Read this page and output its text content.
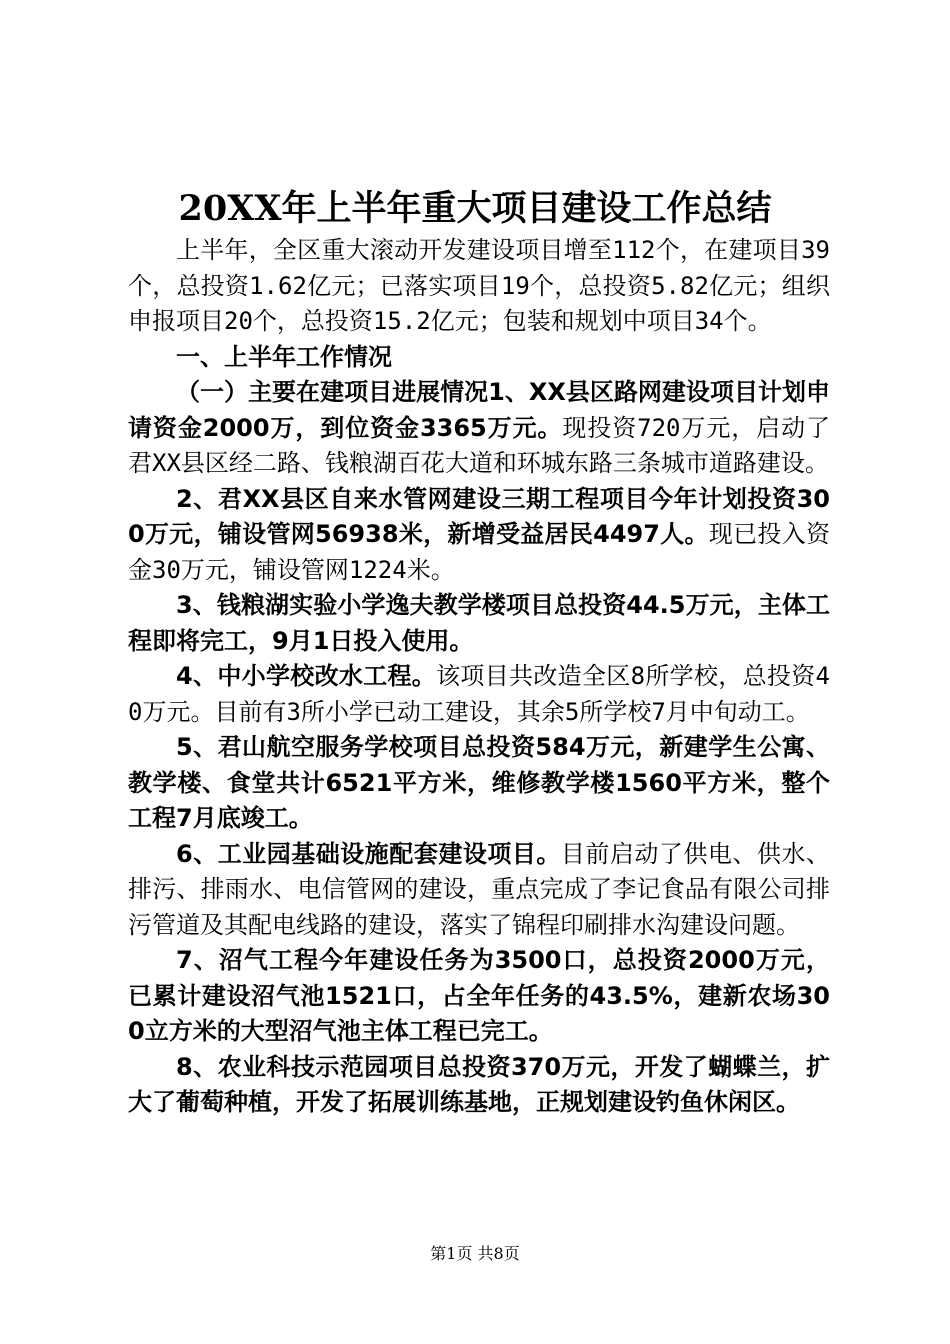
20XX年上半年重大项目建设工作总结

上半年，全区重大滚动开发建设项目增至112个，在建项目39个，总投资1.62亿元；已落实项目19个，总投资5.82亿元；组织申报项目20个，总投资15.2亿元；包装和规划中项目34个。

一、上半年工作情况

（一）主要在建项目进展情况1、XX县区路网建设项目计划申请资金2000万，到位资金3365万元。现投资720万元，启动了君XX县区经二路、钱粮湖百花大道和环城东路三条城市道路建设。

2、君XX县区自来水管网建设三期工程项目今年计划投资300万元，铺设管网56938米，新增受益居民4497人。现已投入资金30万元，铺设管网1224米。

3、钱粮湖实验小学逸夫教学楼项目总投资44.5万元，主体工程即将完工，9月1日投入使用。

4、中小学校改水工程。该项目共改造全区8所学校，总投资40万元。目前有3所小学已动工建设，其余5所学校7月中旬动工。

5、君山航空服务学校项目总投资584万元，新建学生公寓、教学楼、食堂共计6521平方米，维修教学楼1560平方米，整个工程7月底竣工。

6、工业园基础设施配套建设项目。目前启动了供电、供水、排污、排雨水、电信管网的建设，重点完成了李记食品有限公司排污管道及其配电线路的建设，落实了锦程印刷排水沟建设问题。

7、沼气工程今年建设任务为3500口，总投资2000万元，已累计建设沼气池1521口，占全年任务的43.5%，建新农场300立方米的大型沼气池主体工程已完工。

8、农业科技示范园项目总投资370万元，开发了蝴蝶兰，扩大了葡萄种植，开发了拓展训练基地，正规划建设钓鱼休闲区。

第1页 共8页
